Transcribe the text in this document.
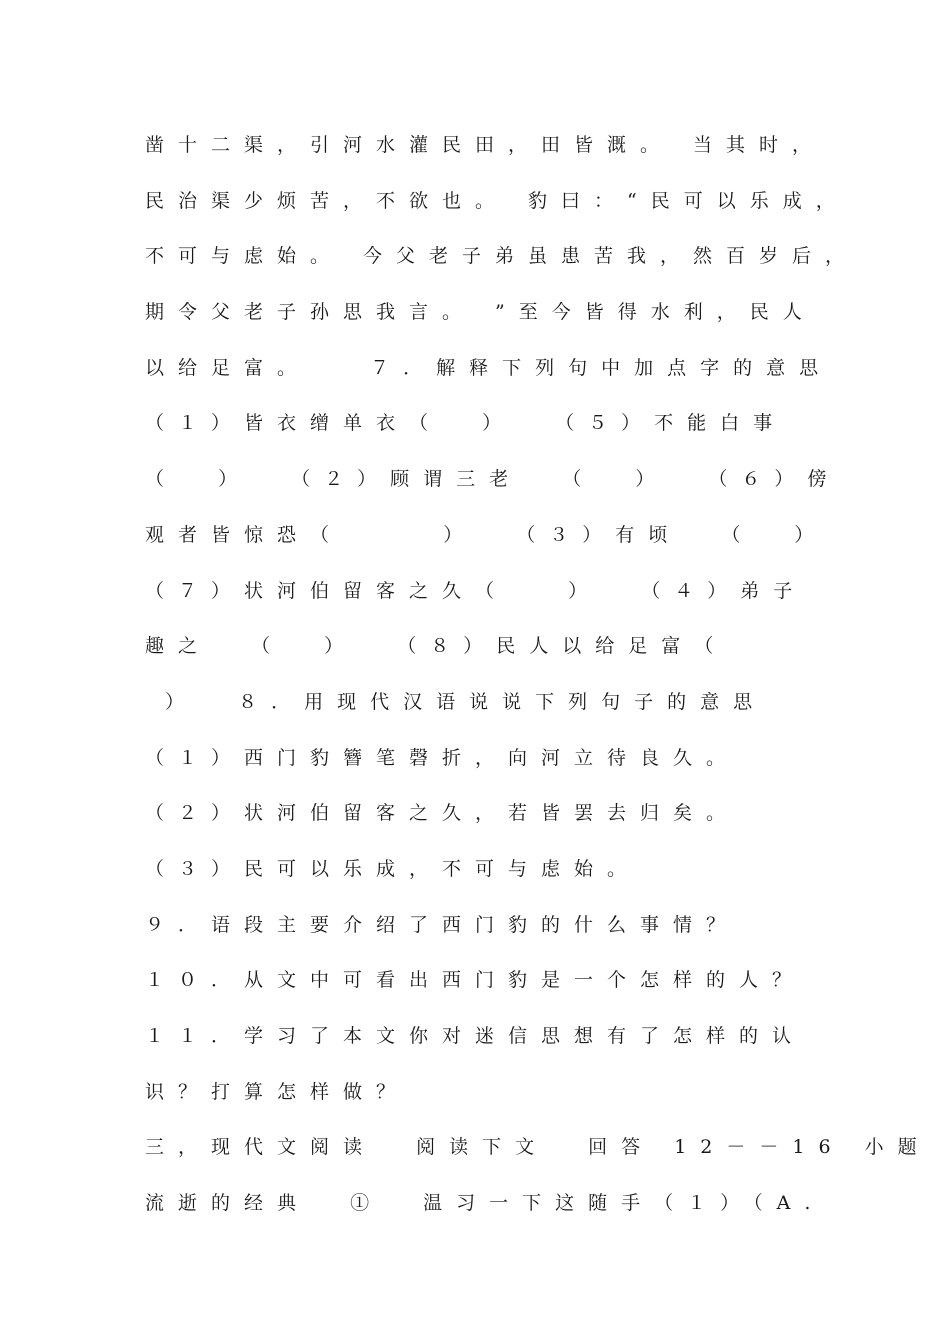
凿十二渠，引河水灌民田，田皆溉。 当其时，
民治渠少烦苦，不欲也。 豹曰：“民可以乐成，
不可与虑始。 今父老子弟虽患苦我，然百岁后，
期令父老子孙思我言。 ”至今皆得水利，民人
以给足富。   ７．解释下列句中加点字的意思
（１）皆衣缯单衣（  ）  （５）不能白事
（  ）  （２）顾谓三老  （  ）  （６）傍
观者皆惊恐（     ）  （３）有顷  （  ）
（７）状河伯留客之久（   ）  （４）弟子
趣之  （  ）  （８）民人以给足富（
）  ８．用现代汉语说说下列句子的意思
（１）西门豹簪笔磬折，向河立待良久。
（２）状河伯留客之久，若皆罢去归矣。
（３）民可以乐成，不可与虑始。
９．语段主要介绍了西门豹的什么事情？
１０．从文中可看出西门豹是一个怎样的人？
１１．学习了本文你对迷信思想有了怎样的认
识？打算怎样做？
三，现代文阅读  阅读下文  回答 12－－16 小题
流逝的经典  ①  温习一下这随手（１）（A.
